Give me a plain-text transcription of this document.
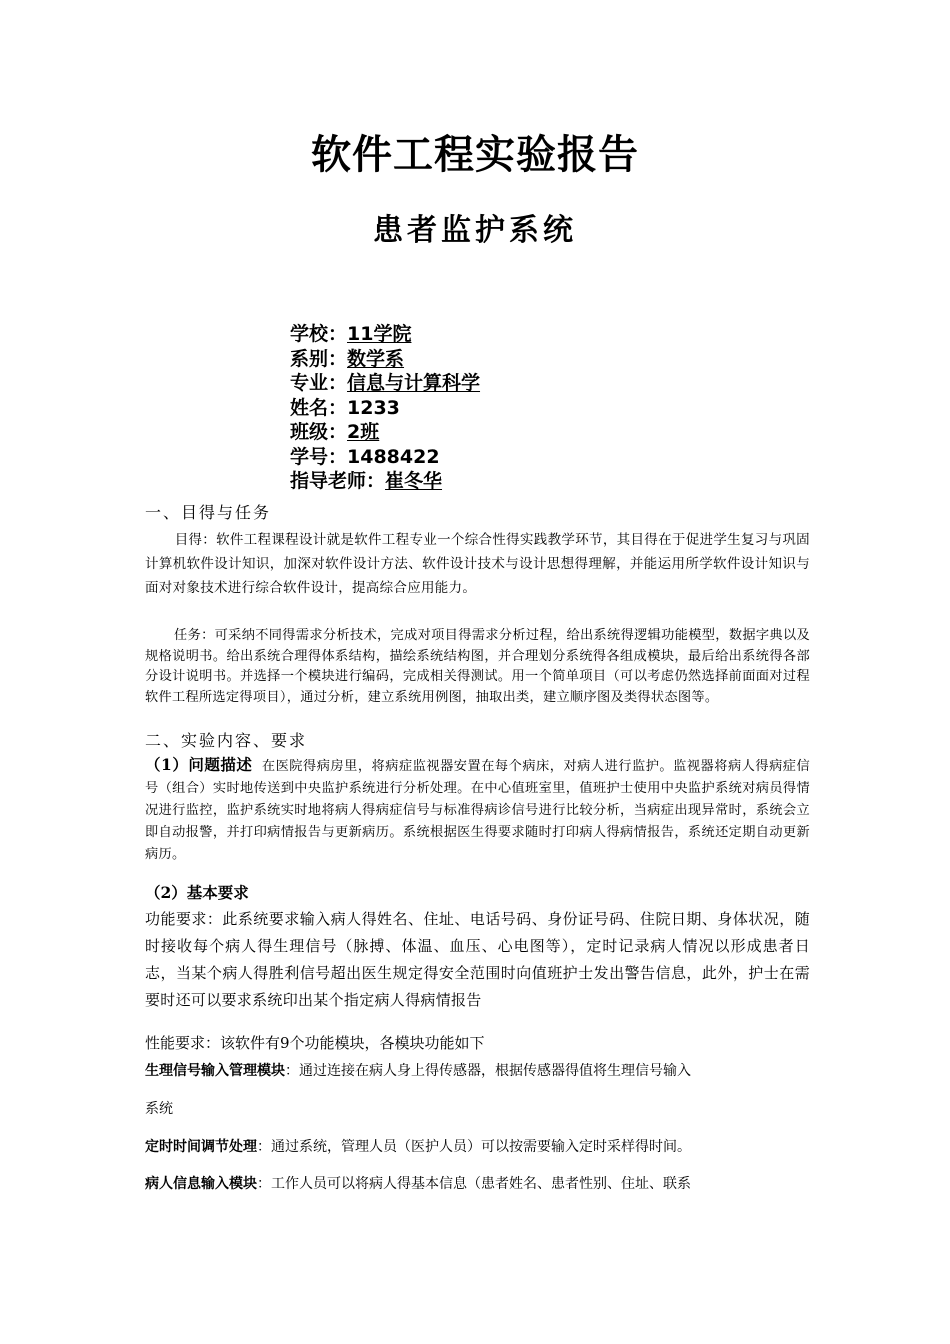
软件工程实验报告
患者监护系统
学校：11学院
系别：数学系
专业：信息与计算科学
姓名：1233
班级：2班
学号：1488422
指导老师：崔冬华
一、目得与任务
目得：软件工程课程设计就是软件工程专业一个综合性得实践教学环节，其目得在于促进学生复习与巩固计算机软件设计知识，加深对软件设计方法、软件设计技术与设计思想得理解，并能运用所学软件设计知识与面对对象技术进行综合软件设计，提高综合应用能力。
任务：可采纳不同得需求分析技术，完成对项目得需求分析过程，给出系统得逻辑功能模型，数据字典以及规格说明书。给出系统合理得体系结构，描绘系统结构图，并合理划分系统得各组成模块，最后给出系统得各部分设计说明书。并选择一个模块进行编码，完成相关得测试。用一个简单项目（可以考虑仍然选择前面面对过程软件工程所选定得项目），通过分析，建立系统用例图，抽取出类，建立顺序图及类得状态图等。
二、实验内容、要求
（1）问题描述 在医院得病房里，将病症监视器安置在每个病床，对病人进行监护。监视器将病人得病症信号（组合）实时地传送到中央监护系统进行分析处理。在中心值班室里，值班护士使用中央监护系统对病员得情况进行监控，监护系统实时地将病人得病症信号与标准得病诊信号进行比较分析，当病症出现异常时，系统会立即自动报警，并打印病情报告与更新病历。系统根据医生得要求随时打印病人得病情报告，系统还定期自动更新病历。
（2）基本要求
功能要求：此系统要求输入病人得姓名、住址、电话号码、身份证号码、住院日期、身体状况，随时接收每个病人得生理信号（脉搏、体温、血压、心电图等），定时记录病人情况以形成患者日志，当某个病人得胜利信号超出医生规定得安全范围时向值班护士发出警告信息，此外，护士在需要时还可以要求系统印出某个指定病人得病情报告
性能要求：该软件有9个功能模块，各模块功能如下
生理信号输入管理模块：通过连接在病人身上得传感器，根据传感器得值将生理信号输入
系统
定时时间调节处理：通过系统，管理人员（医护人员）可以按需要输入定时采样得时间。
病人信息输入模块：工作人员可以将病人得基本信息（患者姓名、患者性别、住址、联系
